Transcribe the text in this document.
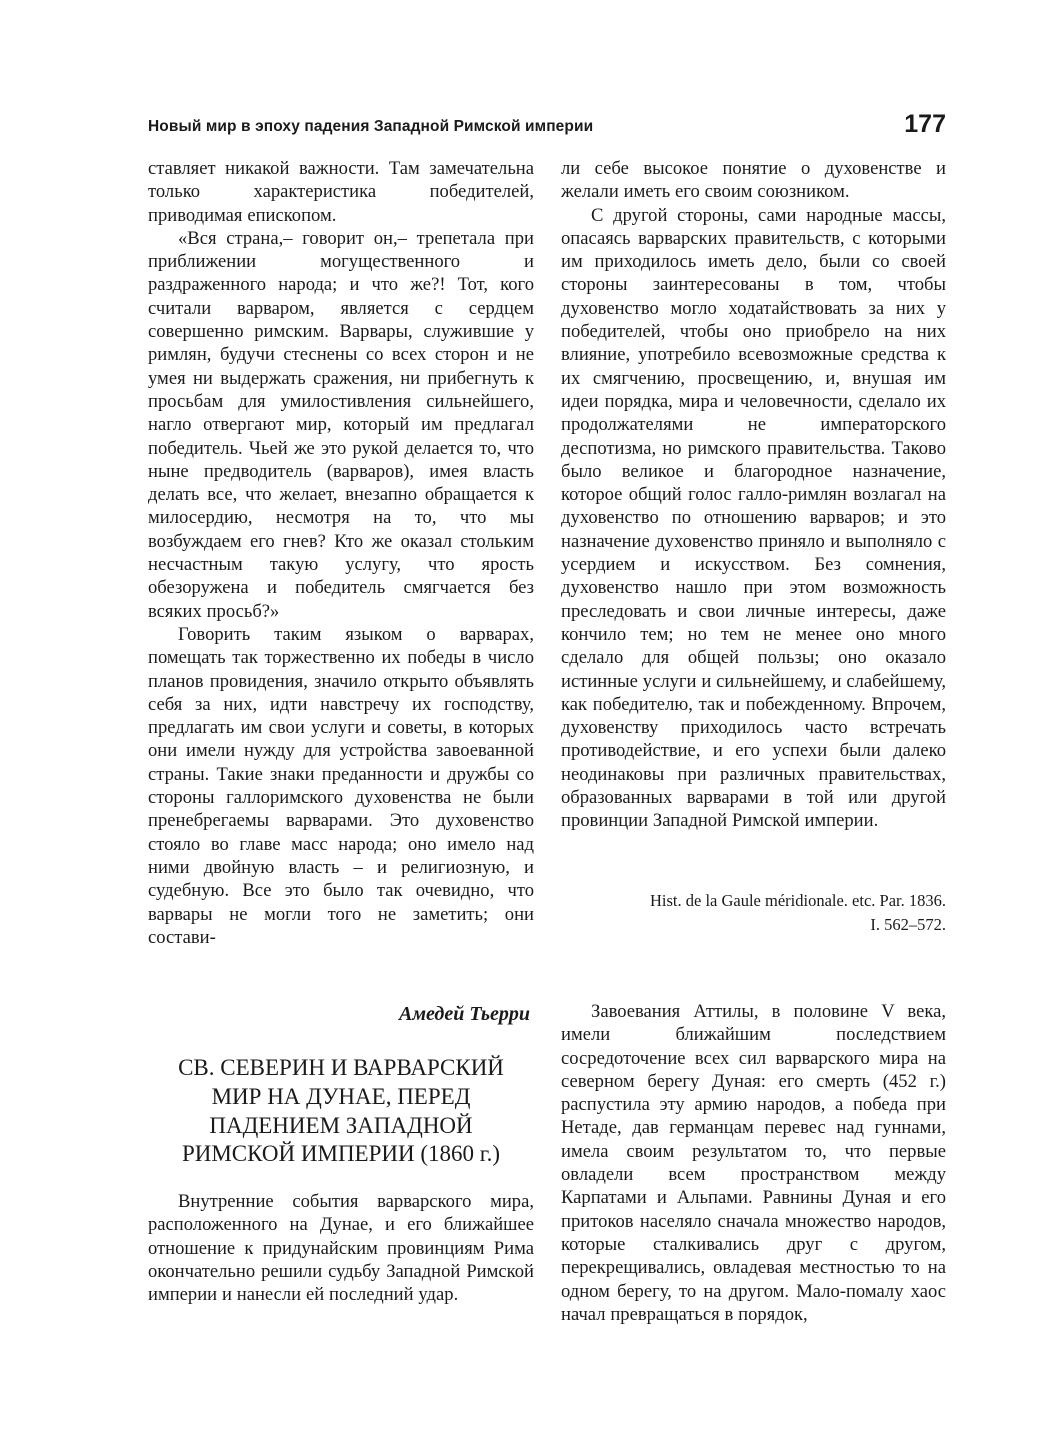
Новый мир в эпоху падения Западной Римской империи	177

ставляет никакой важности. Там замечательна только характеристика победителей, приводимая епископом.

«Вся страна,– говорит он,– трепетала при приближении могущественного и раздраженного народа; и что же?! Тот, кого считали варваром, является с сердцем совершенно римским. Варвары, служившие у римлян, будучи стеснены со всех сторон и не умея ни выдержать сражения, ни прибегнуть к просьбам для умилостивления сильнейшего, нагло отвергают мир, который им предлагал победитель. Чьей же это рукой делается то, что ныне предводитель (варваров), имея власть делать все, что желает, внезапно обращается к милосердию, несмотря на то, что мы возбуждаем его гнев? Кто же оказал стольким несчастным такую услугу, что ярость обезоружена и победитель смягчается без всяких просьб?»

Говорить таким языком о варварах, помещать так торжественно их победы в число планов провидения, значило открыто объявлять себя за них, идти навстречу их господству, предлагать им свои услуги и советы, в которых они имели нужду для устройства завоеванной страны. Такие знаки преданности и дружбы со стороны галлоримского духовенства не были пренебрегаемы варварами. Это духовенство стояло во главе масс народа; оно имело над ними двойную власть – и религиозную, и судебную. Все это было так очевидно, что варвары не могли того не заметить; они состави-

ли себе высокое понятие о духовенстве и желали иметь его своим союзником.

С другой стороны, сами народные массы, опасаясь варварских правительств, с которыми им приходилось иметь дело, были со своей стороны заинтересованы в том, чтобы духовенство могло ходатайствовать за них у победителей, чтобы оно приобрело на них влияние, употребило всевозможные средства к их смягчению, просвещению, и, внушая им идеи порядка, мира и человечности, сделало их продолжателями не императорского деспотизма, но римского правительства. Таково было великое и благородное назначение, которое общий голос галло-римлян возлагал на духовенство по отношению варваров; и это назначение духовенство приняло и выполняло с усердием и искусством. Без сомнения, духовенство нашло при этом возможность преследовать и свои личные интересы, даже кончило тем; но тем не менее оно много сделало для общей пользы; оно оказало истинные услуги и сильнейшему, и слабейшему, как победителю, так и побежденному. Впрочем, духовенству приходилось часто встречать противодействие, и его успехи были далеко неодинаковы при различных правительствах, образованных варварами в той или другой провинции Западной Римской империи.

Hist. de la Gaule méridionale. etc. Par. 1836.

I. 562–572.

Амедей Тьерри

СВ. СЕВЕРИН И ВАРВАРСКИЙ

МИР НА ДУНАЕ, ПЕРЕД

ПАДЕНИЕМ ЗАПАДНОЙ

РИМСКОЙ ИМПЕРИИ (1860 г.)

Внутренние события варварского мира, расположенного на Дунае, и его ближайшее отношение к придунайским провинциям Рима окончательно решили судьбу Западной Римской империи и нанесли ей последний удар.

Завоевания Аттилы, в половине V века, имели ближайшим последствием сосредоточение всех сил варварского мира на северном берегу Дуная: его смерть (452 г.) распустила эту армию народов, а победа при Нетаде, дав германцам перевес над гуннами, имела своим результатом то, что первые овладели всем пространством между Карпатами и Альпами. Равнины Дуная и его притоков населяло сначала множество народов, которые сталкивались друг с другом, перекрещивались, овладевая местностью то на одном берегу, то на другом. Мало-помалу хаос начал превращаться в порядок,
